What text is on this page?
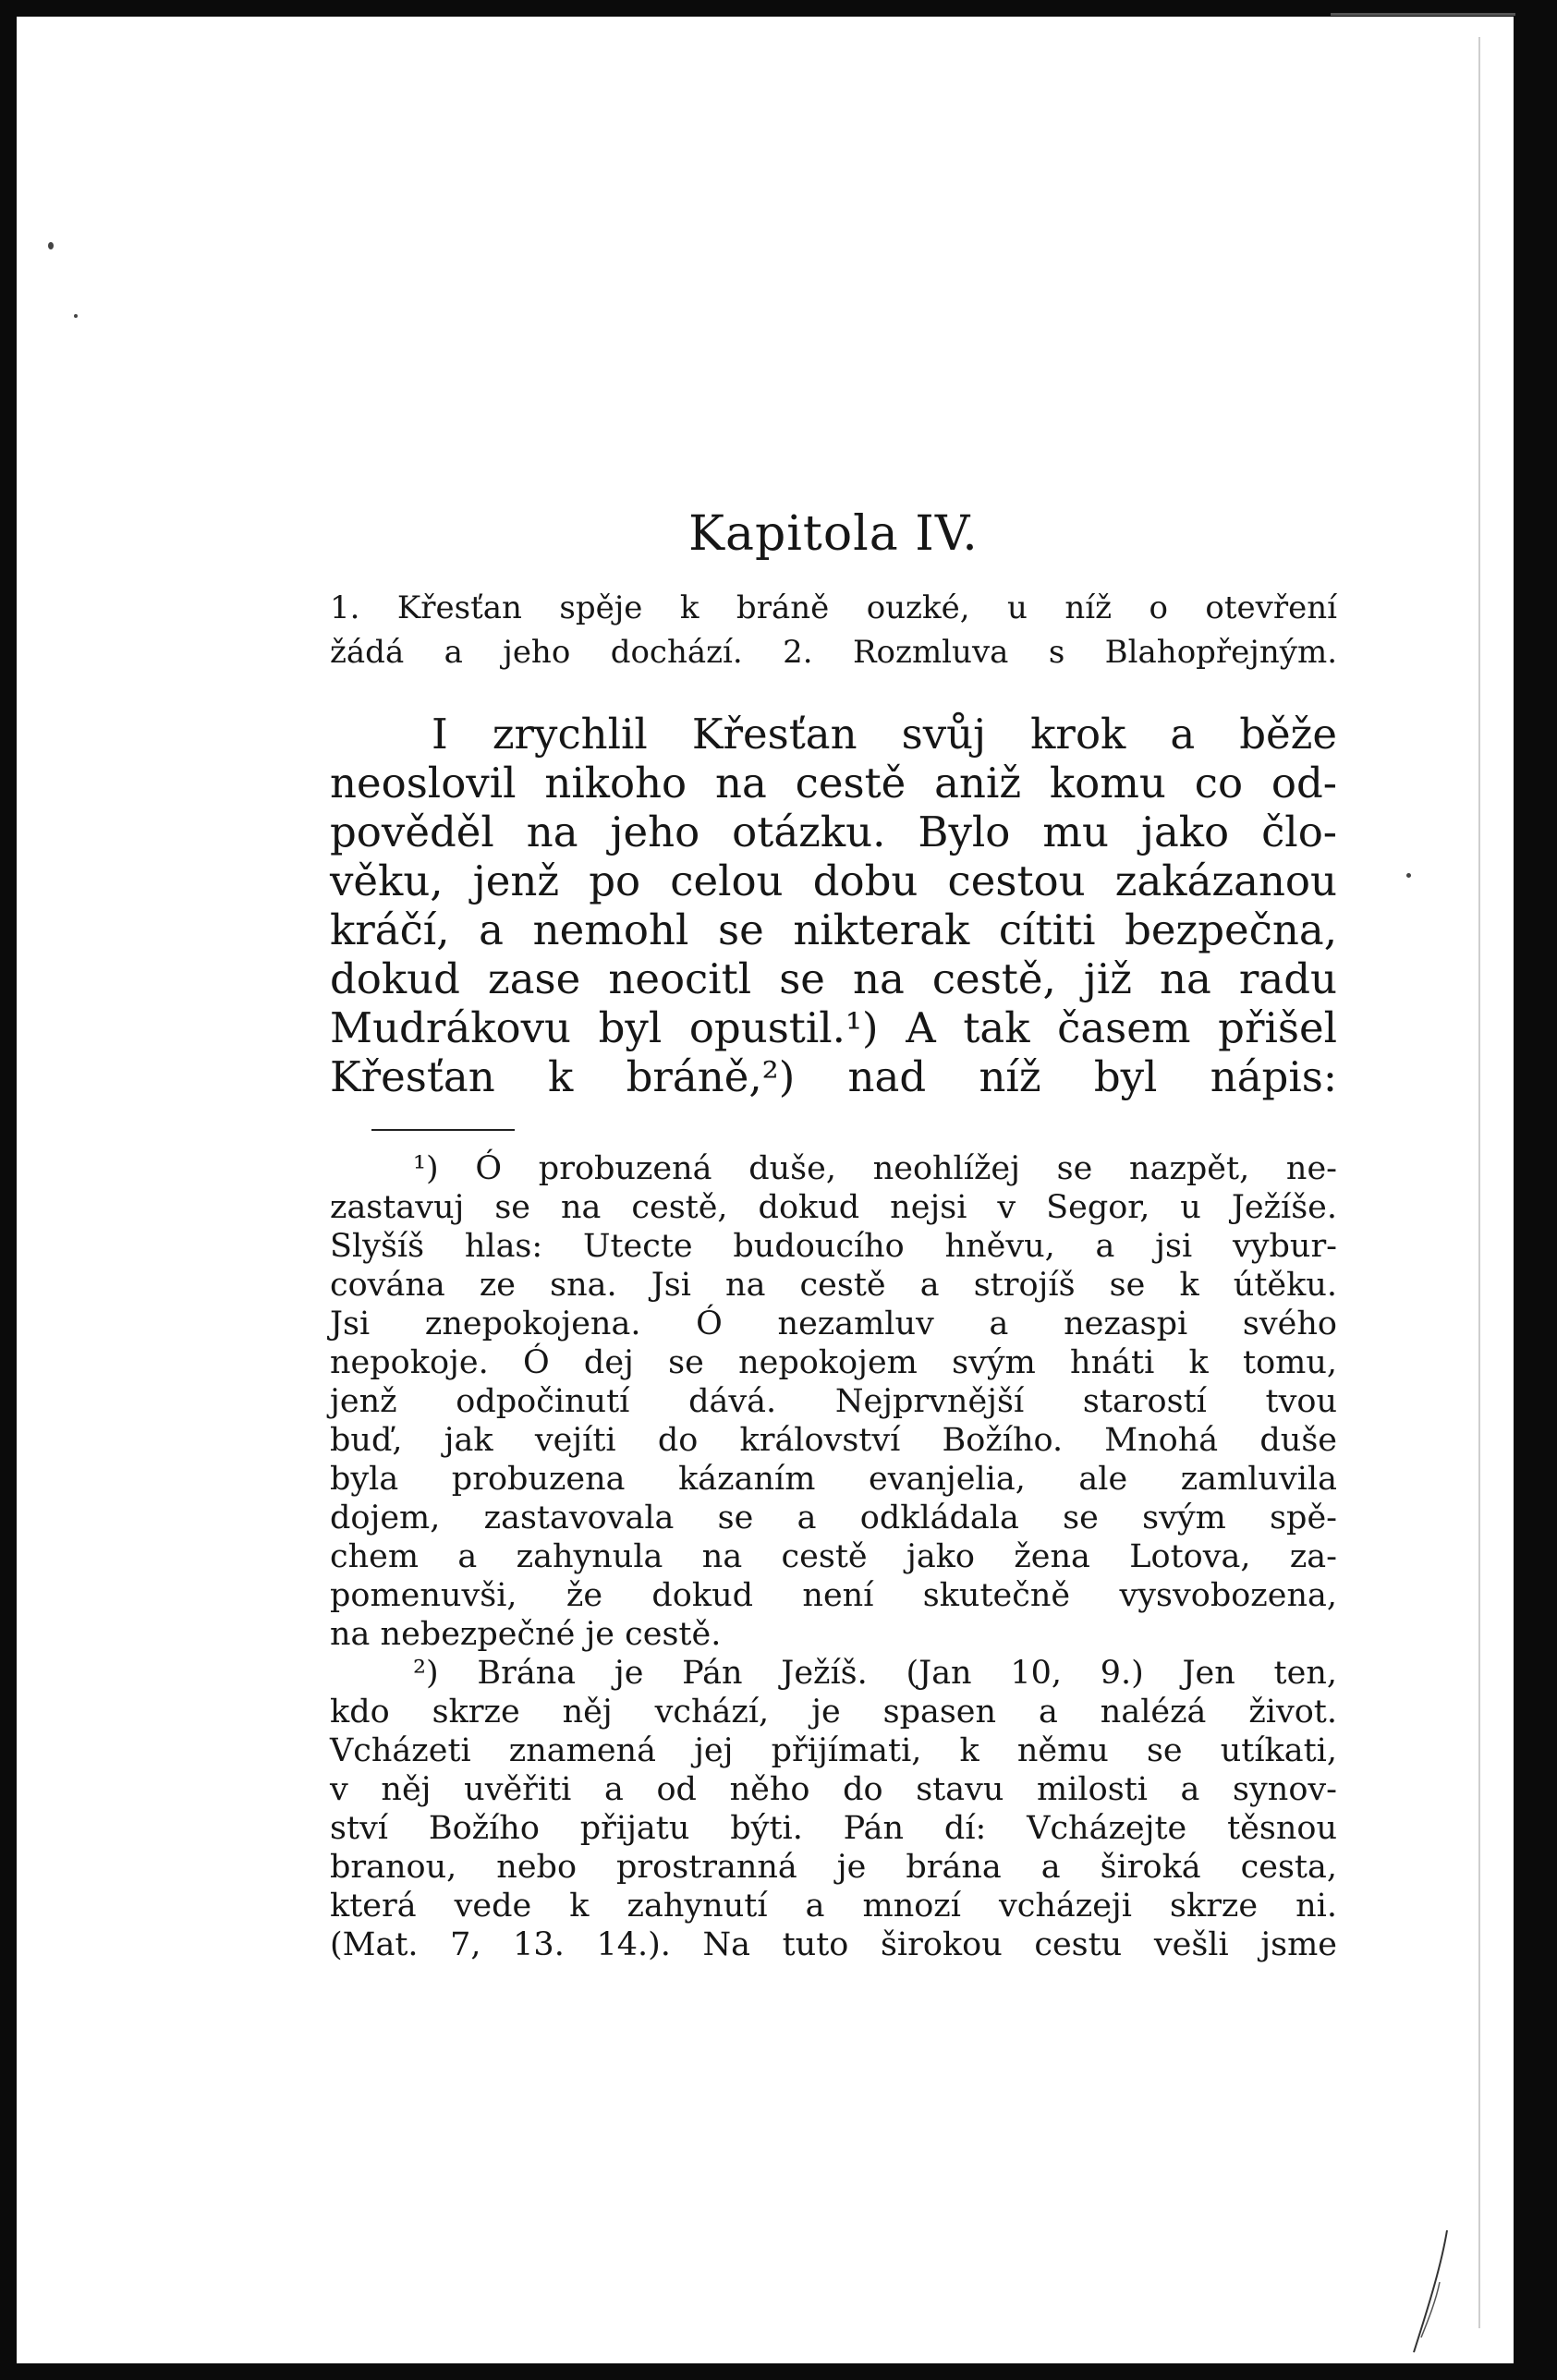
Kapitola IV.

1. Křesťan spěje k bráně ouzké, u níž o otevření

žádá a jeho dochází. 2. Rozmluva s Blahopřejným.

I zrychlil Křesťan svůj krok a běže

neoslovil nikoho na cestě aniž komu co od-

pověděl na jeho otázku. Bylo mu jako člo-

věku, jenž po celou dobu cestou zakázanou

kráčí, a nemohl se nikterak cítiti bezpečna,

dokud zase neocitl se na cestě, již na radu

Mudrákovu byl opustil.¹) A tak časem přišel

Křesťan k bráně,²) nad níž byl nápis:

¹) Ó probuzená duše, neohlížej se nazpět, ne-

zastavuj se na cestě, dokud nejsi v Segor, u Ježíše.

Slyšíš hlas: Utecte budoucího hněvu, a jsi vybur-

cována ze sna. Jsi na cestě a strojíš se k útěku.

Jsi znepokojena. Ó nezamluv a nezaspi svého

nepokoje. Ó dej se nepokojem svým hnáti k tomu,

jenž odpočinutí dává. Nejprvnější starostí tvou

buď, jak vejíti do království Božího. Mnohá duše

byla probuzena kázaním evanjelia, ale zamluvila

dojem, zastavovala se a odkládala se svým spě-

chem a zahynula na cestě jako žena Lotova, za-

pomenuvši, že dokud není skutečně vysvobozena,

na nebezpečné je cestě.

²) Brána je Pán Ježíš. (Jan 10, 9.) Jen ten,

kdo skrze něj vchází, je spasen a nalézá život.

Vcházeti znamená jej přijímati, k němu se utíkati,

v něj uvěřiti a od něho do stavu milosti a synov-

ství Božího přijatu býti. Pán dí: Vcházejte těsnou

branou, nebo prostranná je brána a široká cesta,

která vede k zahynutí a mnozí vcházeji skrze ni.

(Mat. 7, 13. 14.). Na tuto širokou cestu vešli jsme
